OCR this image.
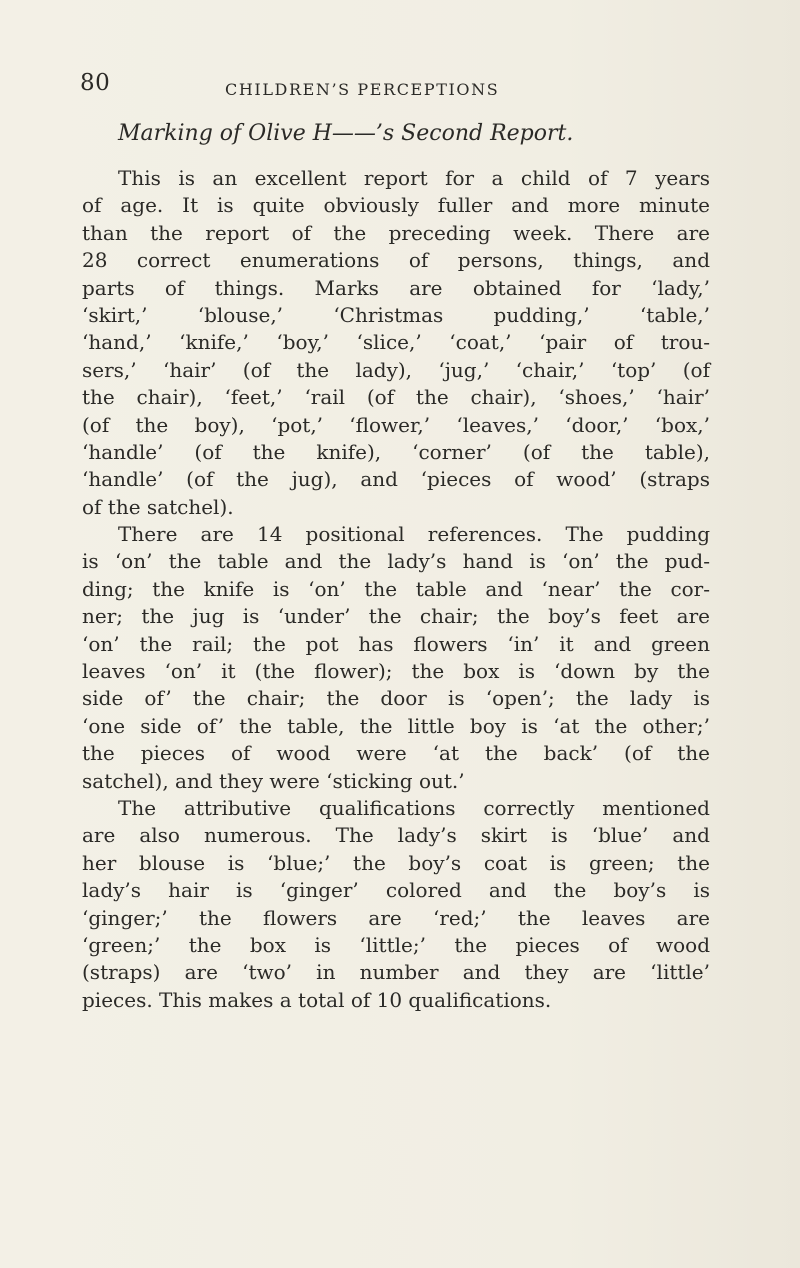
80	CHILDREN’S PERCEPTIONS
Marking of Olive H——’s Second Report.
This is an excellent report for a child of 7 years
of age. It is quite obviously fuller and more minute
than the report of the preceding week. There are
28 correct enumerations of persons, things, and
parts of things. Marks are obtained for ‘lady,’
‘skirt,’ ‘blouse,’ ‘Christmas pudding,’ ‘table,’
‘hand,’ ‘knife,’ ‘boy,’ ‘slice,’ ‘coat,’ ‘pair of trou-
sers,’ ‘hair’ (of the lady), ‘jug,’ ‘chair,’ ‘top’ (of
the chair), ‘feet,’ ‘rail (of the chair), ‘shoes,’ ‘hair’
(of the boy), ‘pot,’ ‘flower,’ ‘leaves,’ ‘door,’ ‘box,’
‘handle’ (of the knife), ‘corner’ (of the table),
‘handle’ (of the jug), and ‘pieces of wood’ (straps
of the satchel).
There are 14 positional references. The pudding
is ‘on’ the table and the lady’s hand is ‘on’ the pud-
ding; the knife is ‘on’ the table and ‘near’ the cor-
ner; the jug is ‘under’ the chair; the boy’s feet are
‘on’ the rail; the pot has flowers ‘in’ it and green
leaves ‘on’ it (the flower); the box is ‘down by the
side of’ the chair; the door is ‘open’; the lady is
‘one side of’ the table, the little boy is ‘at the other;’
the pieces of wood were ‘at the back’ (of the
satchel), and they were ‘sticking out.’
The attributive qualifications correctly mentioned
are also numerous. The lady’s skirt is ‘blue’ and
her blouse is ‘blue;’ the boy’s coat is green; the
lady’s hair is ‘ginger’ colored and the boy’s is
‘ginger;’ the flowers are ‘red;’ the leaves are
‘green;’ the box is ‘little;’ the pieces of wood
(straps) are ‘two’ in number and they are ‘little’
pieces. This makes a total of 10 qualifications.
